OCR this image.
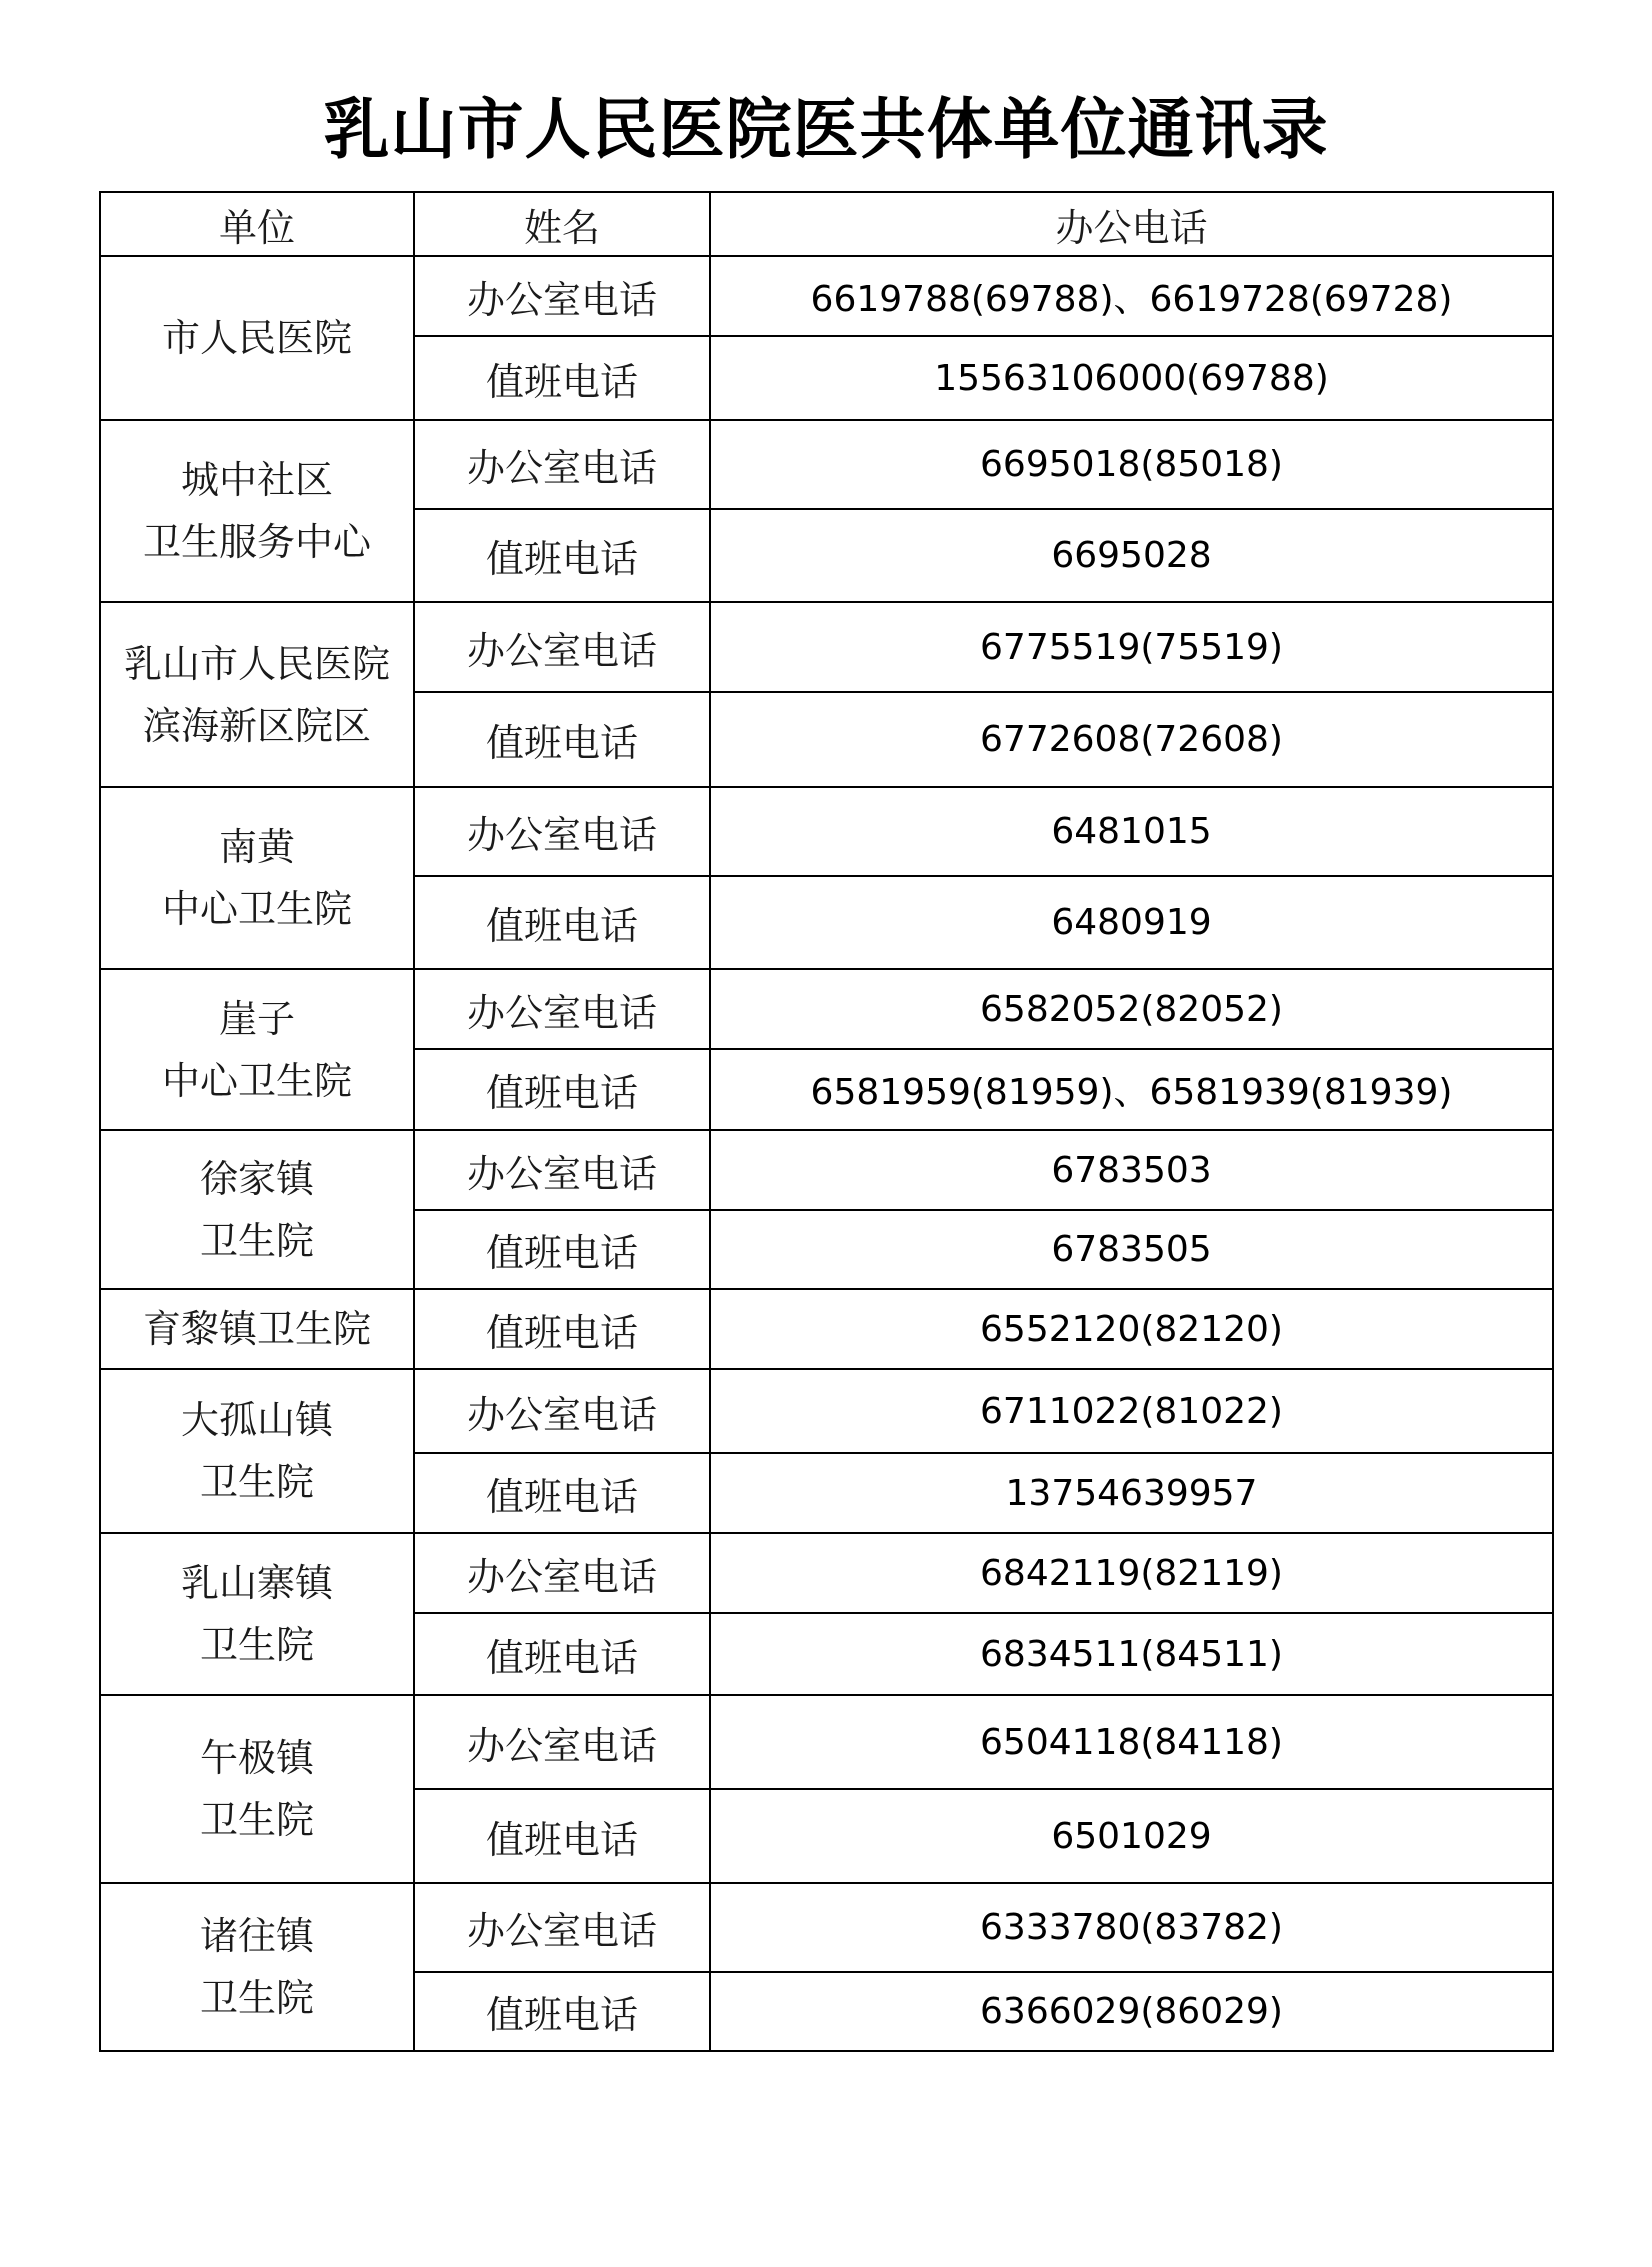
乳山市人民医院医共体单位通讯录
单位	姓名	办公电话

市人民医院	办公室电话	6619788(69788)、6619728(69728)
	值班电话	15563106000(69788)

城中社区
卫生服务中心	办公室电话	6695018(85018)
	值班电话	6695028

乳山市人民医院
滨海新区院区	办公室电话	6775519(75519)
	值班电话	6772608(72608)

南黄
中心卫生院	办公室电话	6481015
	值班电话	6480919

崖子
中心卫生院	办公室电话	6582052(82052)
	值班电话	6581959(81959)、6581939(81939)

徐家镇
卫生院	办公室电话	6783503
	值班电话	6783505

育黎镇卫生院	值班电话	6552120(82120)

大孤山镇
卫生院	办公室电话	6711022(81022)
	值班电话	13754639957

乳山寨镇
卫生院	办公室电话	6842119(82119)
	值班电话	6834511(84511)

午极镇
卫生院	办公室电话	6504118(84118)
	值班电话	6501029

诸往镇
卫生院	办公室电话	6333780(83782)
	值班电话	6366029(86029)
